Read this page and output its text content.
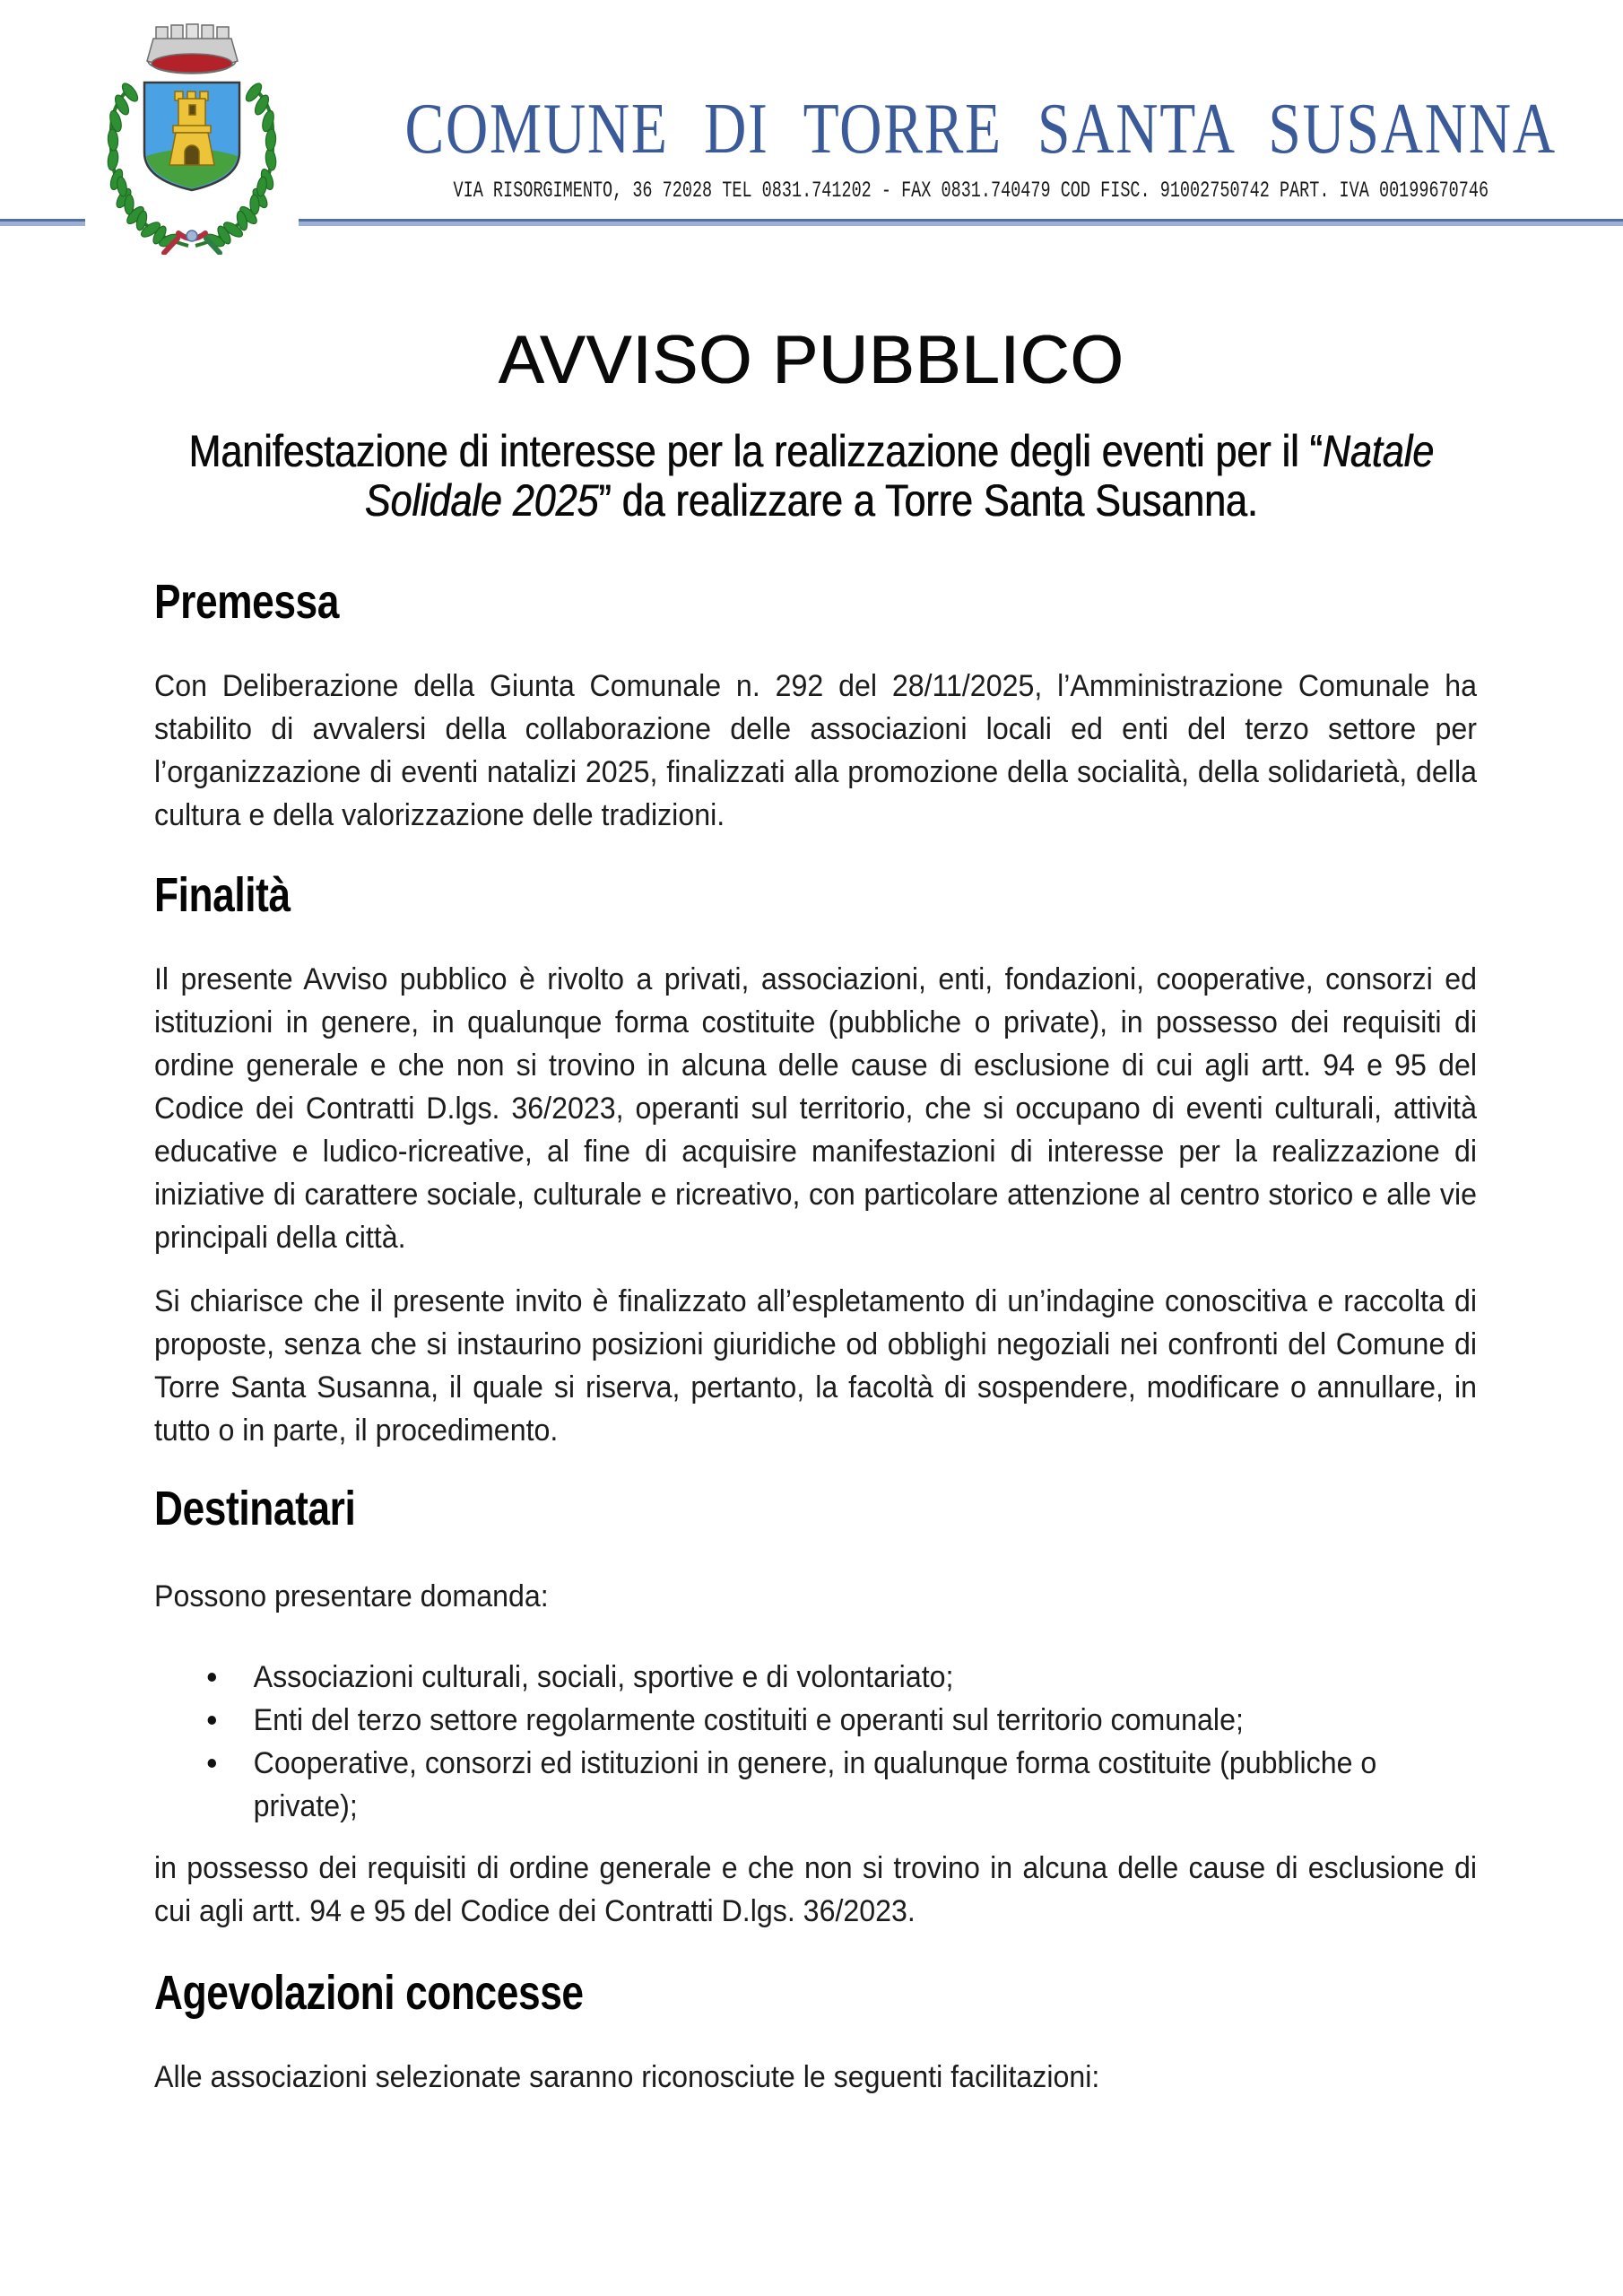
COMUNE DI TORRE SANTA SUSANNA
VIA RISORGIMENTO, 36 72028 TEL 0831.741202 - FAX 0831.740479 COD FISC. 91002750742 PART. IVA 00199670746
AVVISO PUBBLICO
Manifestazione di interesse per la realizzazione degli eventi per il “Natale
Solidale 2025” da realizzare a Torre Santa Susanna.
Premessa
Con Deliberazione della Giunta Comunale n. 292 del 28/11/2025, l’Amministrazione Comunale ha stabilito di avvalersi della collaborazione delle associazioni locali ed enti del terzo settore per l’organizzazione di eventi natalizi 2025, finalizzati alla promozione della socialità, della solidarietà, della cultura e della valorizzazione delle tradizioni.
Finalità
Il presente Avviso pubblico è rivolto a privati, associazioni, enti, fondazioni, cooperative, consorzi ed istituzioni in genere, in qualunque forma costituite (pubbliche o private), in possesso dei requisiti di ordine generale e che non si trovino in alcuna delle cause di esclusione di cui agli artt. 94 e 95 del Codice dei Contratti D.lgs. 36/2023, operanti sul territorio, che si occupano di eventi culturali, attività educative e ludico-ricreative, al fine di acquisire manifestazioni di interesse per la realizzazione di iniziative di carattere sociale, culturale e ricreativo, con particolare attenzione al centro storico e alle vie principali della città.
Si chiarisce che il presente invito è finalizzato all’espletamento di un’indagine conoscitiva e raccolta di proposte, senza che si instaurino posizioni giuridiche od obblighi negoziali nei confronti del Comune di Torre Santa Susanna, il quale si riserva, pertanto, la facoltà di sospendere, modificare o annullare, in tutto o in parte, il procedimento.
Destinatari
Possono presentare domanda:
Associazioni culturali, sociali, sportive e di volontariato;
Enti del terzo settore regolarmente costituiti e operanti sul territorio comunale;
Cooperative, consorzi ed istituzioni in genere, in qualunque forma costituite (pubbliche o private);
in possesso dei requisiti di ordine generale e che non si trovino in alcuna delle cause di esclusione di cui agli artt. 94 e 95 del Codice dei Contratti D.lgs. 36/2023.
Agevolazioni concesse
Alle associazioni selezionate saranno riconosciute le seguenti facilitazioni:
